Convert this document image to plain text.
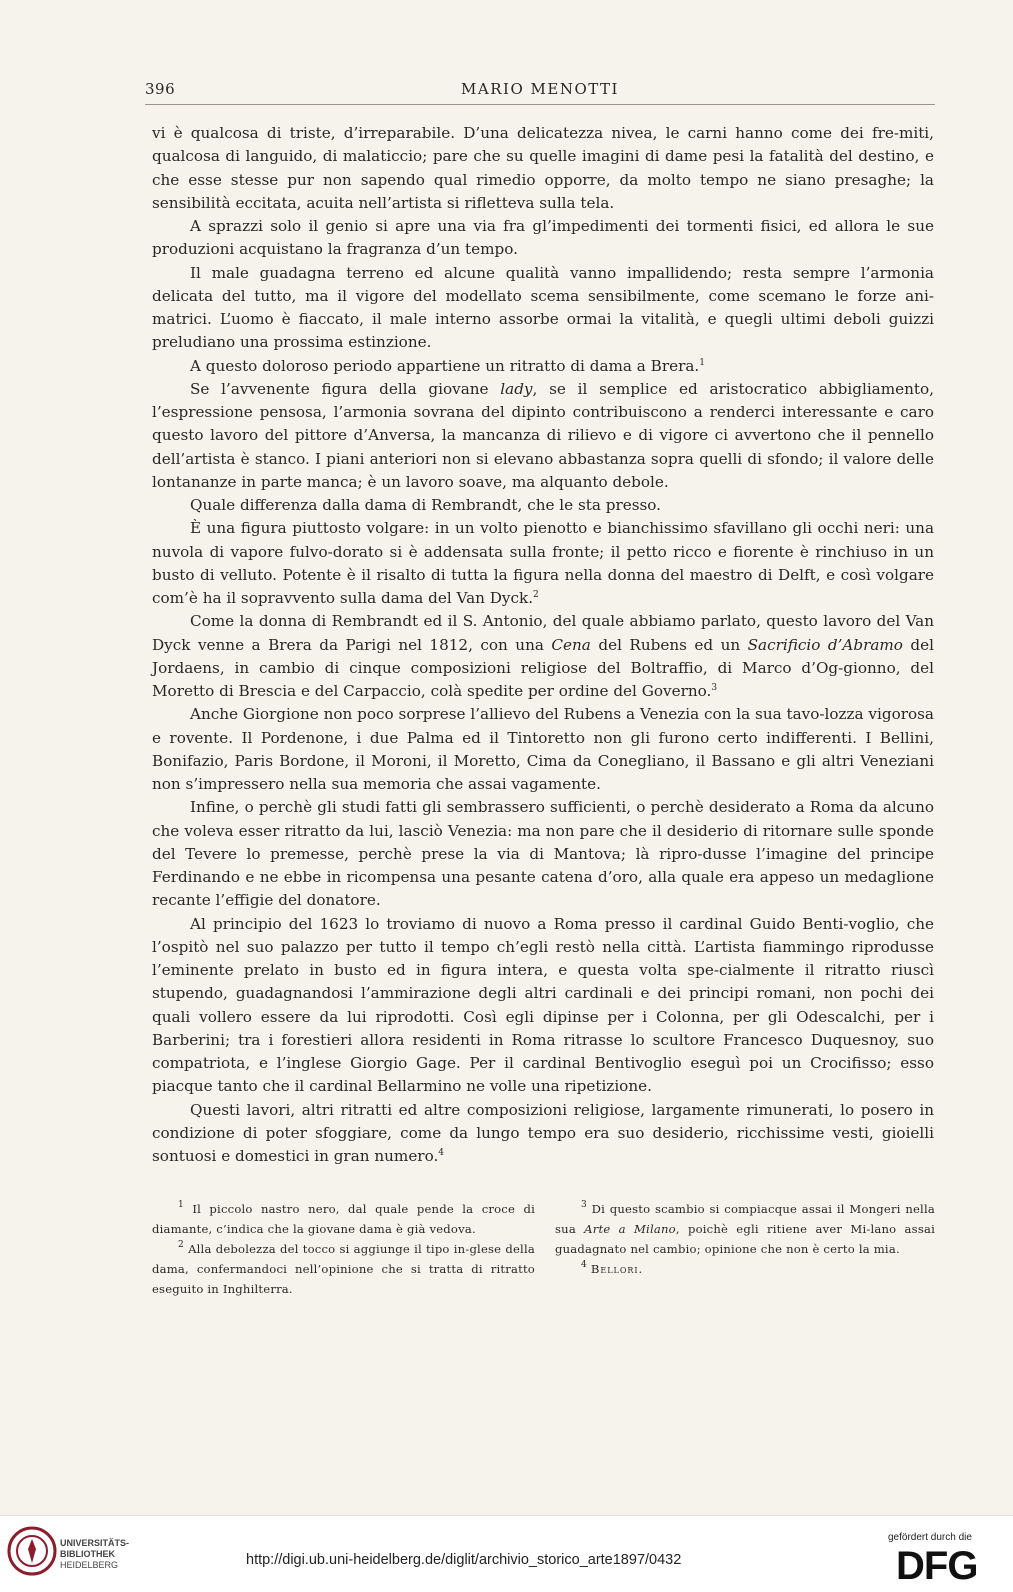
396	MARIO MENOTTI

vi è qualcosa di triste, d’irreparabile. D’una delicatezza nivea, le carni hanno come dei fre-​miti, qualcosa di languido, di malaticcio; pare che su quelle imagini di dame pesi la fatalità del destino, e che esse stesse pur non sapendo qual rimedio opporre, da molto tempo ne siano presaghe; la sensibilità eccitata, acuita nell’artista si rifletteva sulla tela.

A sprazzi solo il genio si apre una via fra gl’impedimenti dei tormenti fisici, ed allora le sue produzioni acquistano la fragranza d’un tempo.

Il male guadagna terreno ed alcune qualità vanno impallidendo; resta sempre l’armonia delicata del tutto, ma il vigore del modellato scema sensibilmente, come scemano le forze ani-​matrici. L’uomo è fiaccato, il male interno assorbe ormai la vitalità, e quegli ultimi deboli guizzi preludiano una prossima estinzione.

A questo doloroso periodo appartiene un ritratto di dama a Brera.$^1$

Se l’avvenente figura della giovane lady, se il semplice ed aristocratico abbigliamento, l’espressione pensosa, l’armonia sovrana del dipinto contribuiscono a renderci interessante e caro questo lavoro del pittore d’Anversa, la mancanza di rilievo e di vigore ci avvertono che il pennello dell’artista è stanco. I piani anteriori non si elevano abbastanza sopra quelli di sfondo; il valore delle lontananze in parte manca; è un lavoro soave, ma alquanto debole.

Quale differenza dalla dama di Rembrandt, che le sta presso.

È una figura piuttosto volgare: in un volto pienotto e bianchissimo sfavillano gli occhi neri: una nuvola di vapore fulvo-​dorato si è addensata sulla fronte; il petto ricco e fiorente è rinchiuso in un busto di velluto. Potente è il risalto di tutta la figura nella donna del maestro di Delft, e così volgare com’è ha il sopravvento sulla dama del Van Dyck.$^2$

Come la donna di Rembrandt ed il S. Antonio, del quale abbiamo parlato, questo lavoro del Van Dyck venne a Brera da Parigi nel 1812, con una Cena del Rubens ed un Sacrificio d’Abramo del Jordaens, in cambio di cinque composizioni religiose del Boltraffio, di Marco d’Og-​gionno, del Moretto di Brescia e del Carpaccio, colà spedite per ordine del Governo.$^3$

Anche Giorgione non poco sorprese l’allievo del Rubens a Venezia con la sua tavo-​lozza vigorosa e rovente. Il Pordenone, i due Palma ed il Tintoretto non gli furono certo indifferenti. I Bellini, Bonifazio, Paris Bordone, il Moroni, il Moretto, Cima da Conegliano, il Bassano e gli altri Veneziani non s’impressero nella sua memoria che assai vagamente.

Infine, o perchè gli studi fatti gli sembrassero sufficienti, o perchè desiderato a Roma da alcuno che voleva esser ritratto da lui, lasciò Venezia: ma non pare che il desiderio di ritornare sulle sponde del Tevere lo premesse, perchè prese la via di Mantova; là ripro-​dusse l’imagine del principe Ferdinando e ne ebbe in ricompensa una pesante catena d’oro, alla quale era appeso un medaglione recante l’effigie del donatore.

Al principio del 1623 lo troviamo di nuovo a Roma presso il cardinal Guido Benti-​voglio, che l’ospitò nel suo palazzo per tutto il tempo ch’egli restò nella città. L’artista fiammingo riprodusse l’eminente prelato in busto ed in figura intera, e questa volta spe-​cialmente il ritratto riuscì stupendo, guadagnandosi l’ammirazione degli altri cardinali e dei principi romani, non pochi dei quali vollero essere da lui riprodotti. Così egli dipinse per i Colonna, per gli Odescalchi, per i Barberini; tra i forestieri allora residenti in Roma ritrasse lo scultore Francesco Duquesnoy, suo compatriota, e l’inglese Giorgio Gage. Per il cardinal Bentivoglio eseguì poi un Crocifisso; esso piacque tanto che il cardinal Bellarmino ne volle una ripetizione.

Questi lavori, altri ritratti ed altre composizioni religiose, largamente rimunerati, lo posero in condizione di poter sfoggiare, come da lungo tempo era suo desiderio, ricchissime vesti, gioielli sontuosi e domestici in gran numero.$^4$

$^1$ Il piccolo nastro nero, dal quale pende la croce di diamante, c’indica che la giovane dama è già vedova.

$^2$ Alla debolezza del tocco si aggiunge il tipo in-glese della dama, confermandoci nell’opinione che si tratta di ritratto eseguito in Inghilterra.

$^3$ Di questo scambio si compiacque assai il Mongeri nella sua Arte a Milano, poichè egli ritiene aver Mi-lano assai guadagnato nel cambio; opinione che non è certo la mia.

$^4$ Bellori.

UNIVERSITÄTS-
BIBLIOTHEK
HEIDELBERG	http://digi.ub.uni-heidelberg.de/diglit/archivio_storico_arte1897/0432
gefördert durch die
DFG
